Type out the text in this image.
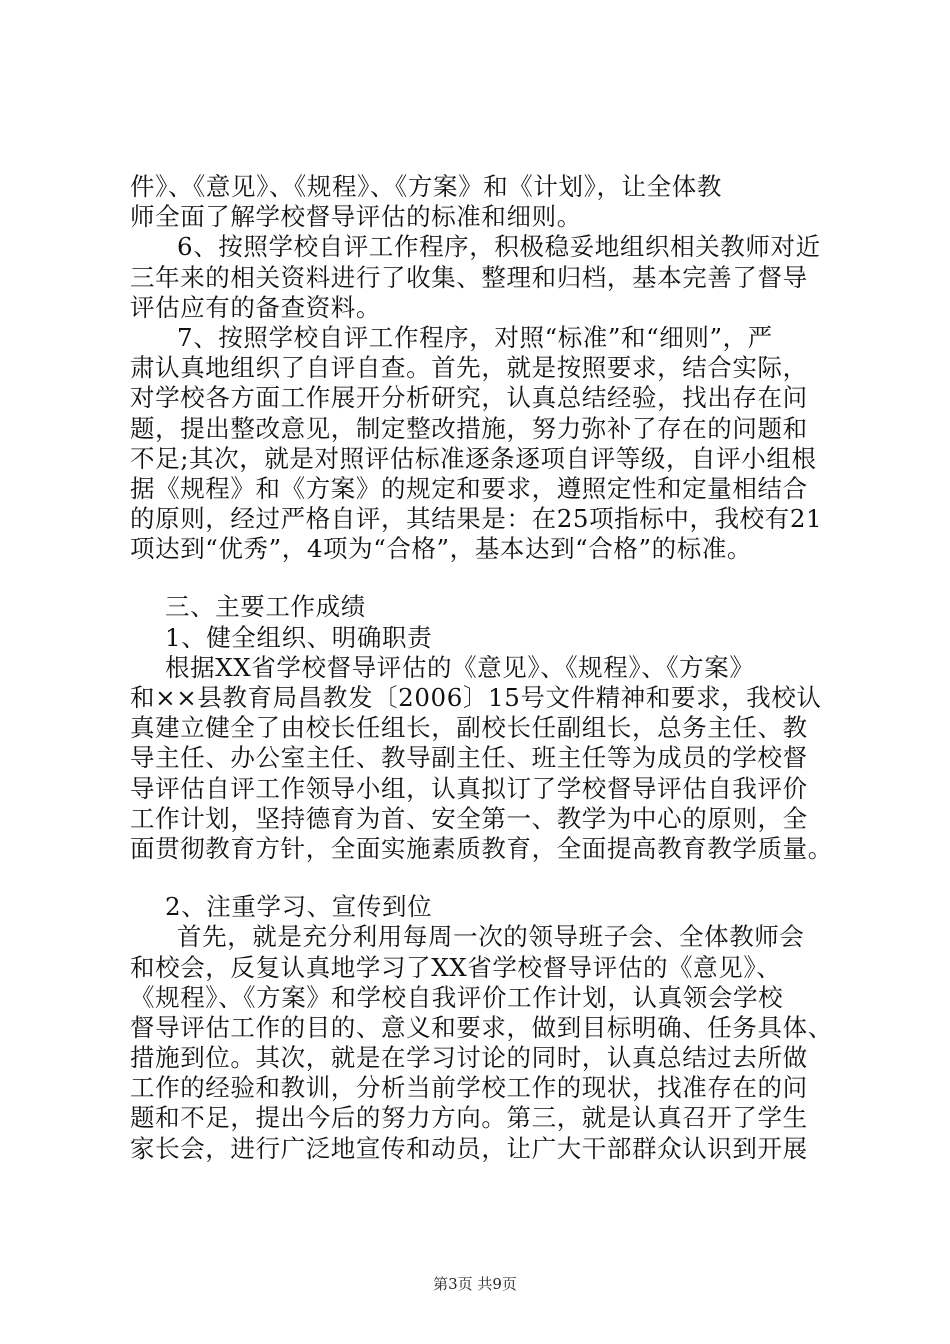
件》、《意见》、《规程》、《方案》和《计划》，让全体教
师全面了解学校督导评估的标准和细则。
6、按照学校自评工作程序，积极稳妥地组织相关教师对近
三年来的相关资料进行了收集、整理和归档，基本完善了督导
评估应有的备查资料。
7、按照学校自评工作程序，对照“标准”和“细则”，严
肃认真地组织了自评自查。首先，就是按照要求，结合实际，
对学校各方面工作展开分析研究，认真总结经验，找出存在问
题，提出整改意见，制定整改措施，努力弥补了存在的问题和
不足;其次，就是对照评估标准逐条逐项自评等级，自评小组根
据《规程》和《方案》的规定和要求，遵照定性和定量相结合
的原则，经过严格自评，其结果是：在25项指标中，我校有21
项达到“优秀”，4项为“合格”，基本达到“合格”的标准。
三、主要工作成绩
1、健全组织、明确职责
根据XX省学校督导评估的《意见》、《规程》、《方案》
和××县教育局昌教发〔2006〕15号文件精神和要求，我校认
真建立健全了由校长任组长，副校长任副组长，总务主任、教
导主任、办公室主任、教导副主任、班主任等为成员的学校督
导评估自评工作领导小组，认真拟订了学校督导评估自我评价
工作计划，坚持德育为首、安全第一、教学为中心的原则，全
面贯彻教育方针，全面实施素质教育，全面提高教育教学质量。
2、注重学习、宣传到位
首先，就是充分利用每周一次的领导班子会、全体教师会
和校会，反复认真地学习了XX省学校督导评估的《意见》、
《规程》、《方案》和学校自我评价工作计划，认真领会学校
督导评估工作的目的、意义和要求，做到目标明确、任务具体、
措施到位。其次，就是在学习讨论的同时，认真总结过去所做
工作的经验和教训，分析当前学校工作的现状，找准存在的问
题和不足，提出今后的努力方向。第三，就是认真召开了学生
家长会，进行广泛地宣传和动员，让广大干部群众认识到开展
第3页 共9页
